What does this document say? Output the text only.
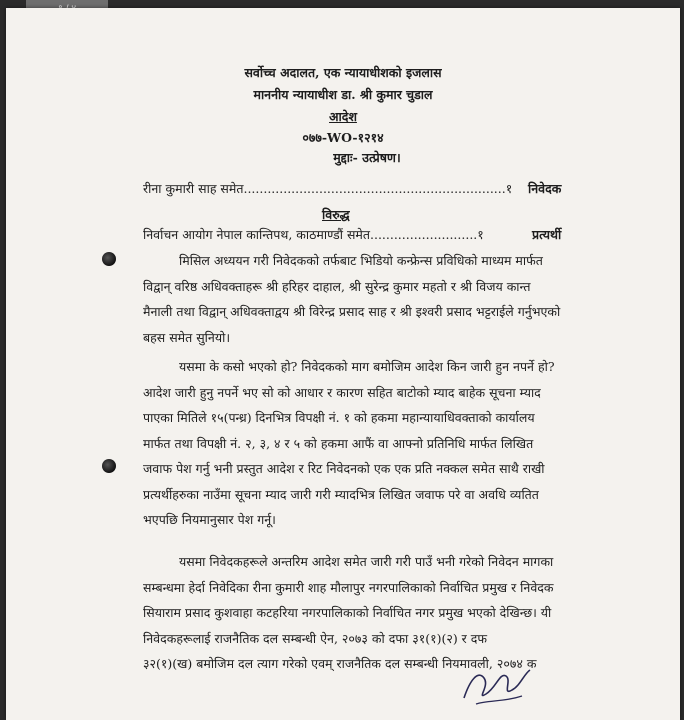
सर्वोच्च अदालत, एक न्यायाधीशको इजलास
माननीय न्यायाधीश डा. श्री कुमार चुडाल
आदेश
०७७-WO-१२१४
मुद्दाः- उत्प्रेषण।
रीना कुमारी साह समेत..................................................................१ निवेदक
विरुद्ध
निर्वाचन आयोग नेपाल कान्तिपथ, काठमाण्डौं समेत...........................१	प्रत्यर्थी
मिसिल अध्ययन गरी निवेदकको तर्फबाट भिडियो कन्फ्रेन्स प्रविधिको माध्यम मार्फत
विद्वान् वरिष्ठ अधिवक्ताहरू श्री हरिहर दाहाल, श्री सुरेन्द्र कुमार महतो र श्री विजय कान्त
मैनाली तथा विद्वान् अधिवक्ताद्वय श्री विरेन्द्र प्रसाद साह र श्री इश्वरी प्रसाद भट्टराईले गर्नुभएको
बहस समेत सुनियो।
यसमा के कसो भएको हो? निवेदकको माग बमोजिम आदेश किन जारी हुन नपर्ने हो?
आदेश जारी हुनु नपर्ने भए सो को आधार र कारण सहित बाटोको म्याद बाहेक सूचना म्याद
पाएका मितिले १५(पन्ध्र) दिनभित्र विपक्षी नं. १ को हकमा महान्यायाधिवक्ताको कार्यालय
मार्फत तथा विपक्षी नं. २, ३, ४ र ५ को हकमा आफैं वा आफ्नो प्रतिनिधि मार्फत लिखित
जवाफ पेश गर्नु भनी प्रस्तुत आदेश र रिट निवेदनको एक एक प्रति नक्कल समेत साथै राखी
प्रत्यर्थीहरुका नाउँमा सूचना म्याद जारी गरी म्यादभित्र लिखित जवाफ परे वा अवधि व्यतित
भएपछि नियमानुसार पेश गर्नू।
यसमा निवेदकहरूले अन्तरिम आदेश समेत जारी गरी पाउँ भनी गरेको निवेदन मागका
सम्बन्धमा हेर्दा निवेदिका रीना कुमारी शाह मौलापुर नगरपालिकाको निर्वाचित प्रमुख र निवेदक
सियाराम प्रसाद कुशवाहा कटहरिया नगरपालिकाको निर्वाचित नगर प्रमुख भएको देखिन्छ। यी
निवेदकहरूलाई राजनैतिक दल सम्बन्धी ऐन, २०७३ को दफा ३१(१)(२) र दफ
३२(१)(ख) बमोजिम दल त्याग गरेको एवम् राजनैतिक दल सम्बन्धी नियमावली, २०७४ क
